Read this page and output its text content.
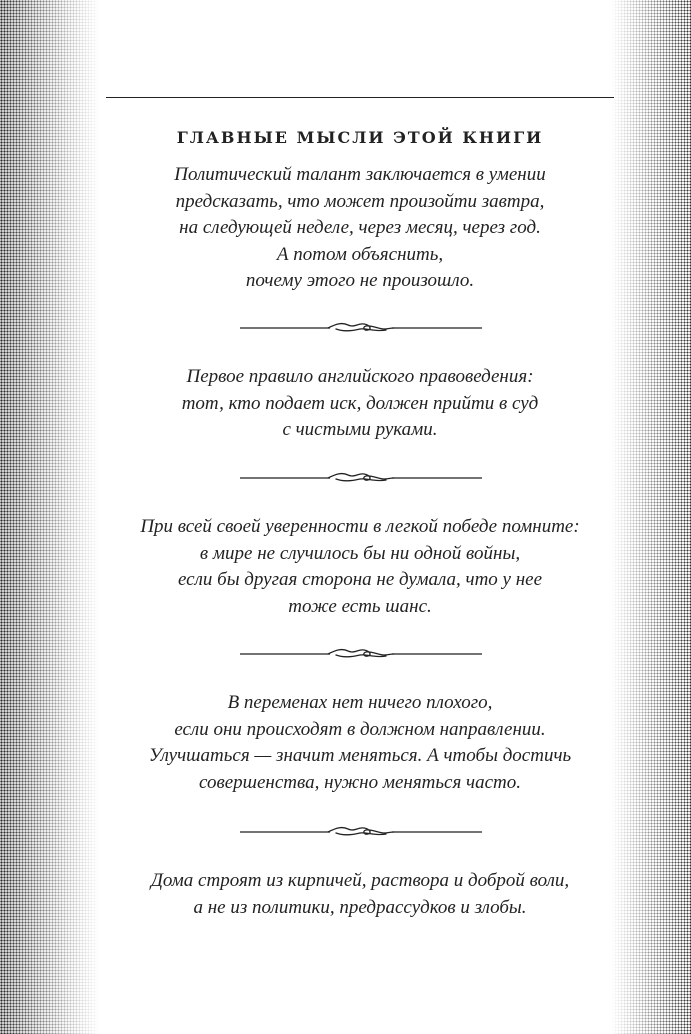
ГЛАВНЫЕ МЫСЛИ ЭТОЙ КНИГИ
Политический талант заключается в умении
предсказать, что может произойти завтра,
на следующей неделе, через месяц, через год.
А потом объяснить,
почему этого не произошло.
Первое правило английского правоведения:
тот, кто подает иск, должен прийти в суд
с чистыми руками.
При всей своей уверенности в легкой победе помните:
в мире не случилось бы ни одной войны,
если бы другая сторона не думала, что у нее
тоже есть шанс.
В переменах нет ничего плохого,
если они происходят в должном направлении.
Улучшаться — значит меняться. А чтобы достичь
совершенства, нужно меняться часто.
Дома строят из кирпичей, раствора и доброй воли,
а не из политики, предрассудков и злобы.
